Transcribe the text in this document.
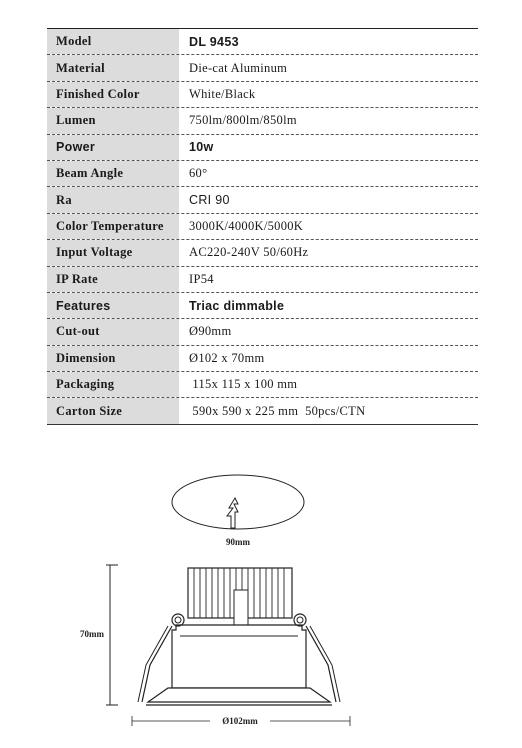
Model	DL 9453
Material	Die-cat Aluminum
Finished Color	White/Black
Lumen	750lm/800lm/850lm
Power	10w
Beam Angle	60°
Ra	CRI 90
Color Temperature	3000K/4000K/5000K
Input Voltage	AC220-240V 50/60Hz
IP Rate	IP54
Features	Triac dimmable
Cut-out	Ø90mm
Dimension	Ø102 x 70mm
Packaging	115x 115 x 100 mm
Carton Size	590x 590 x 225 mm  50pcs/CTN
90mm
70mm
Ø102mm
